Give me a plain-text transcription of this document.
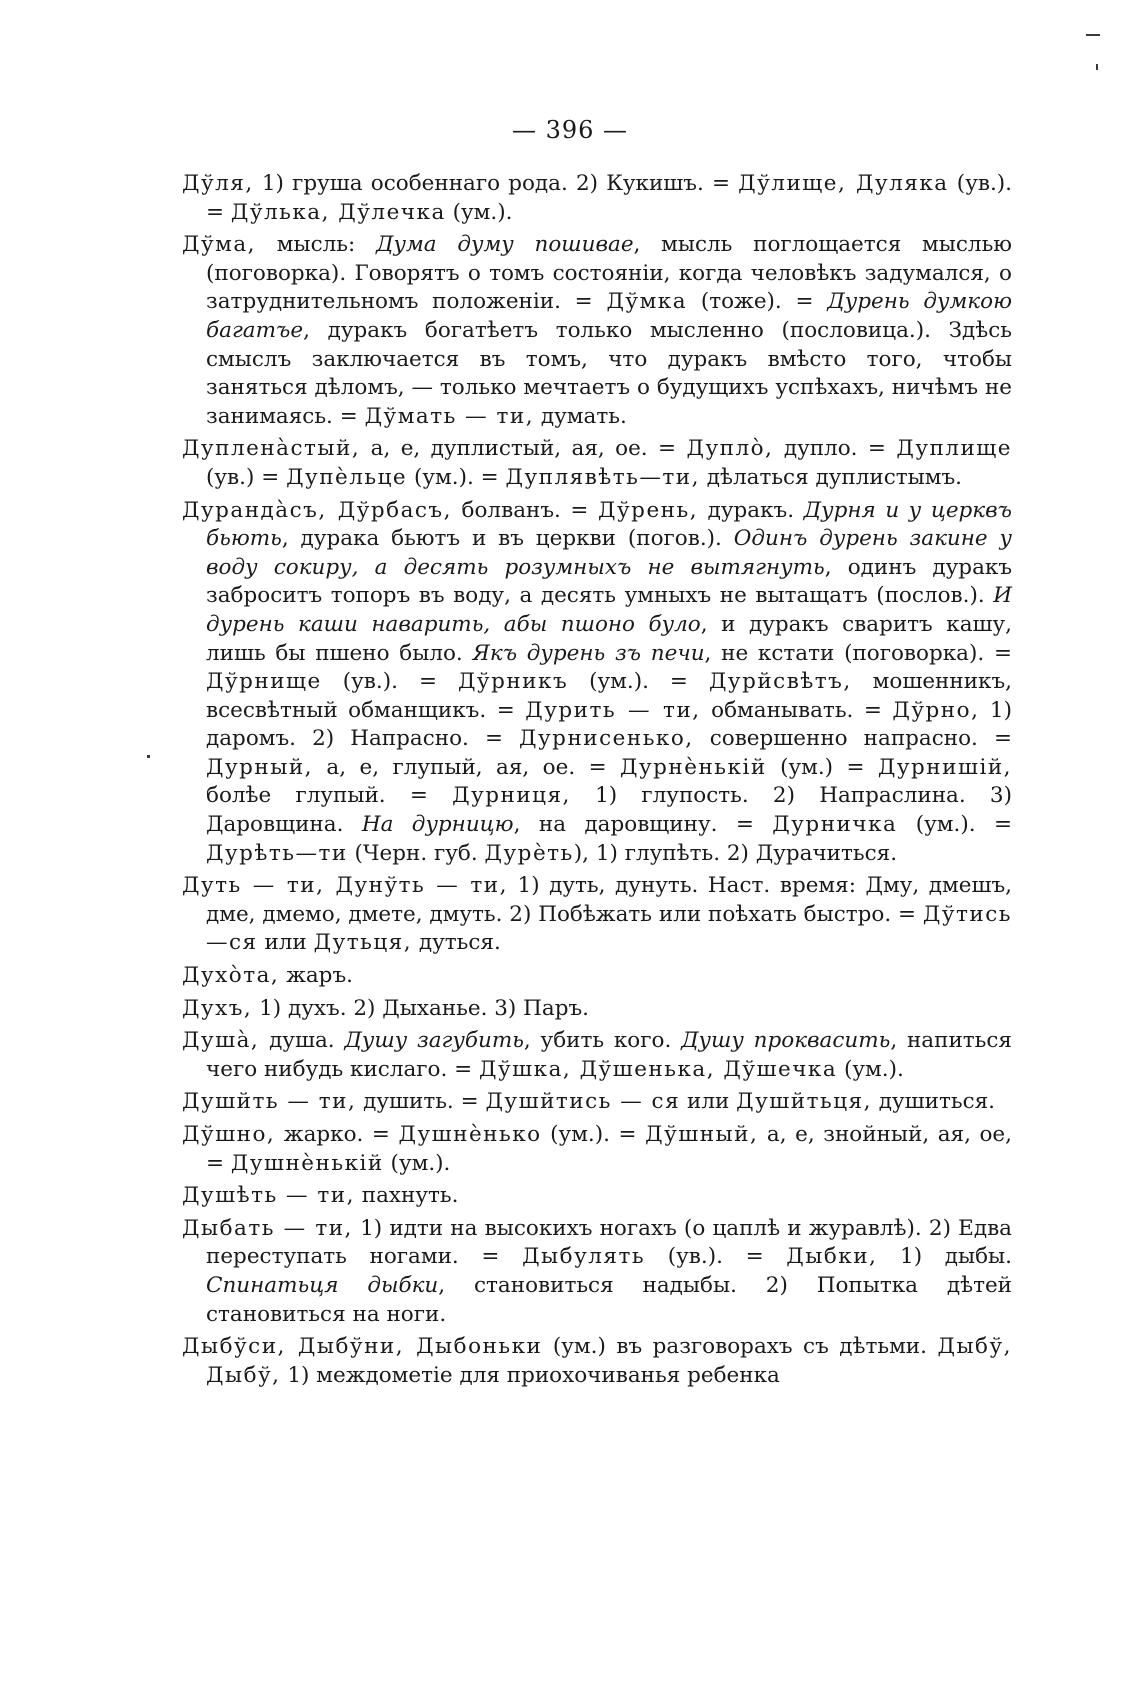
— 396 —

Дўля, 1) груша особеннаго рода. 2) Кукишъ. = Дўлище, Дуляка (ув.). = Дўлька, Дўлечка (ум.).

Дўма, мысль: Дума думу пошивае, мысль поглощается мыслью (поговорка). Говорятъ о томъ состояніи, когда человѣкъ задумался, о затруднительномъ положеніи. = Дўмка (тоже). = Дурень думкою багатъе, дуракъ богатѣетъ только мысленно (пословица.). Здѣсь смыслъ заключается въ томъ, что дуракъ вмѣсто того, чтобы заняться дѣломъ, — только мечтаетъ о будущихъ успѣхахъ, ничѣмъ не занимаясь. = Дўмать — ти, думать.

Дупленàстый, а, е, дуплистый, ая, ое. = Дуплò, дупло. = Дуплище (ув.) = Дупèльце (ум.). = Дуплявѣть—ти, дѣлаться дуплистымъ.

Дурандàсъ, Дўрбасъ, болванъ. = Дўрень, дуракъ. Дурня и у церквъ бьють, дурака бьютъ и въ церкви (погов.). Одинъ дурень закине у воду сокиру, а десять розумныхъ не вытягнуть, одинъ дуракъ заброситъ топоръ въ воду, а десять умныхъ не вытащатъ (послов.). И дурень каши наварить, абы пшоно було, и дуракъ сваритъ кашу, лишь бы пшено было. Якъ дурень зъ печи, не кстати (поговорка). = Дўрнище (ув.). = Дўрникъ (ум.). = Дурйсвѣтъ, мошенникъ, всесвѣтный обманщикъ. = Дурить — ти, обманывать. = Дўрно, 1) даромъ. 2) Напрасно. = Дурнисенько, совершенно напрасно. = Дурный, а, е, глупый, ая, ое. = Дурнèнькій (ум.) = Дурнишій, болѣе глупый. = Дурниця, 1) глупость. 2) Напраслина. 3) Даровщина. На дурницю, на даровщину. = Дурничка (ум.). = Дурѣть—ти (Черн. губ. Дурèть), 1) глупѣть. 2) Дурачиться.

Дуть — ти, Дунўть — ти, 1) дуть, дунуть. Наст. время: Дму, дмешъ, дме, дмемо, дмете, дмуть. 2) Побѣжать или поѣхать быстро. = Дўтись—ся или Дутьця, дуться.

Духòта, жаръ.

Духъ, 1) духъ. 2) Дыханье. 3) Паръ.

Душà, душа. Душу загубить, убить кого. Душу проквасить, напиться чего нибудь кислаго. = Дўшка, Дўшенька, Дўшечка (ум.).

Душйть — ти, душить. = Душйтись — ся или Душйтьця, душиться.

Дўшно, жарко. = Душнèнько (ум.). = Дўшный, а, е, знойный, ая, ое, = Душнèнькій (ум.).

Душѣть — ти, пахнуть.

Дыбать — ти, 1) идти на высокихъ ногахъ (о цаплѣ и журавлѣ). 2) Едва переступать ногами. = Дыбулять (ув.). = Дыбки, 1) дыбы. Спинатьця дыбки, становиться надыбы. 2) Попытка дѣтей становиться на ноги.

Дыбўси, Дыбўни, Дыбоньки (ум.) въ разговорахъ съ дѣтьми. Дыбў, Дыбў, 1) междометіе для приохочиванья ребенка
